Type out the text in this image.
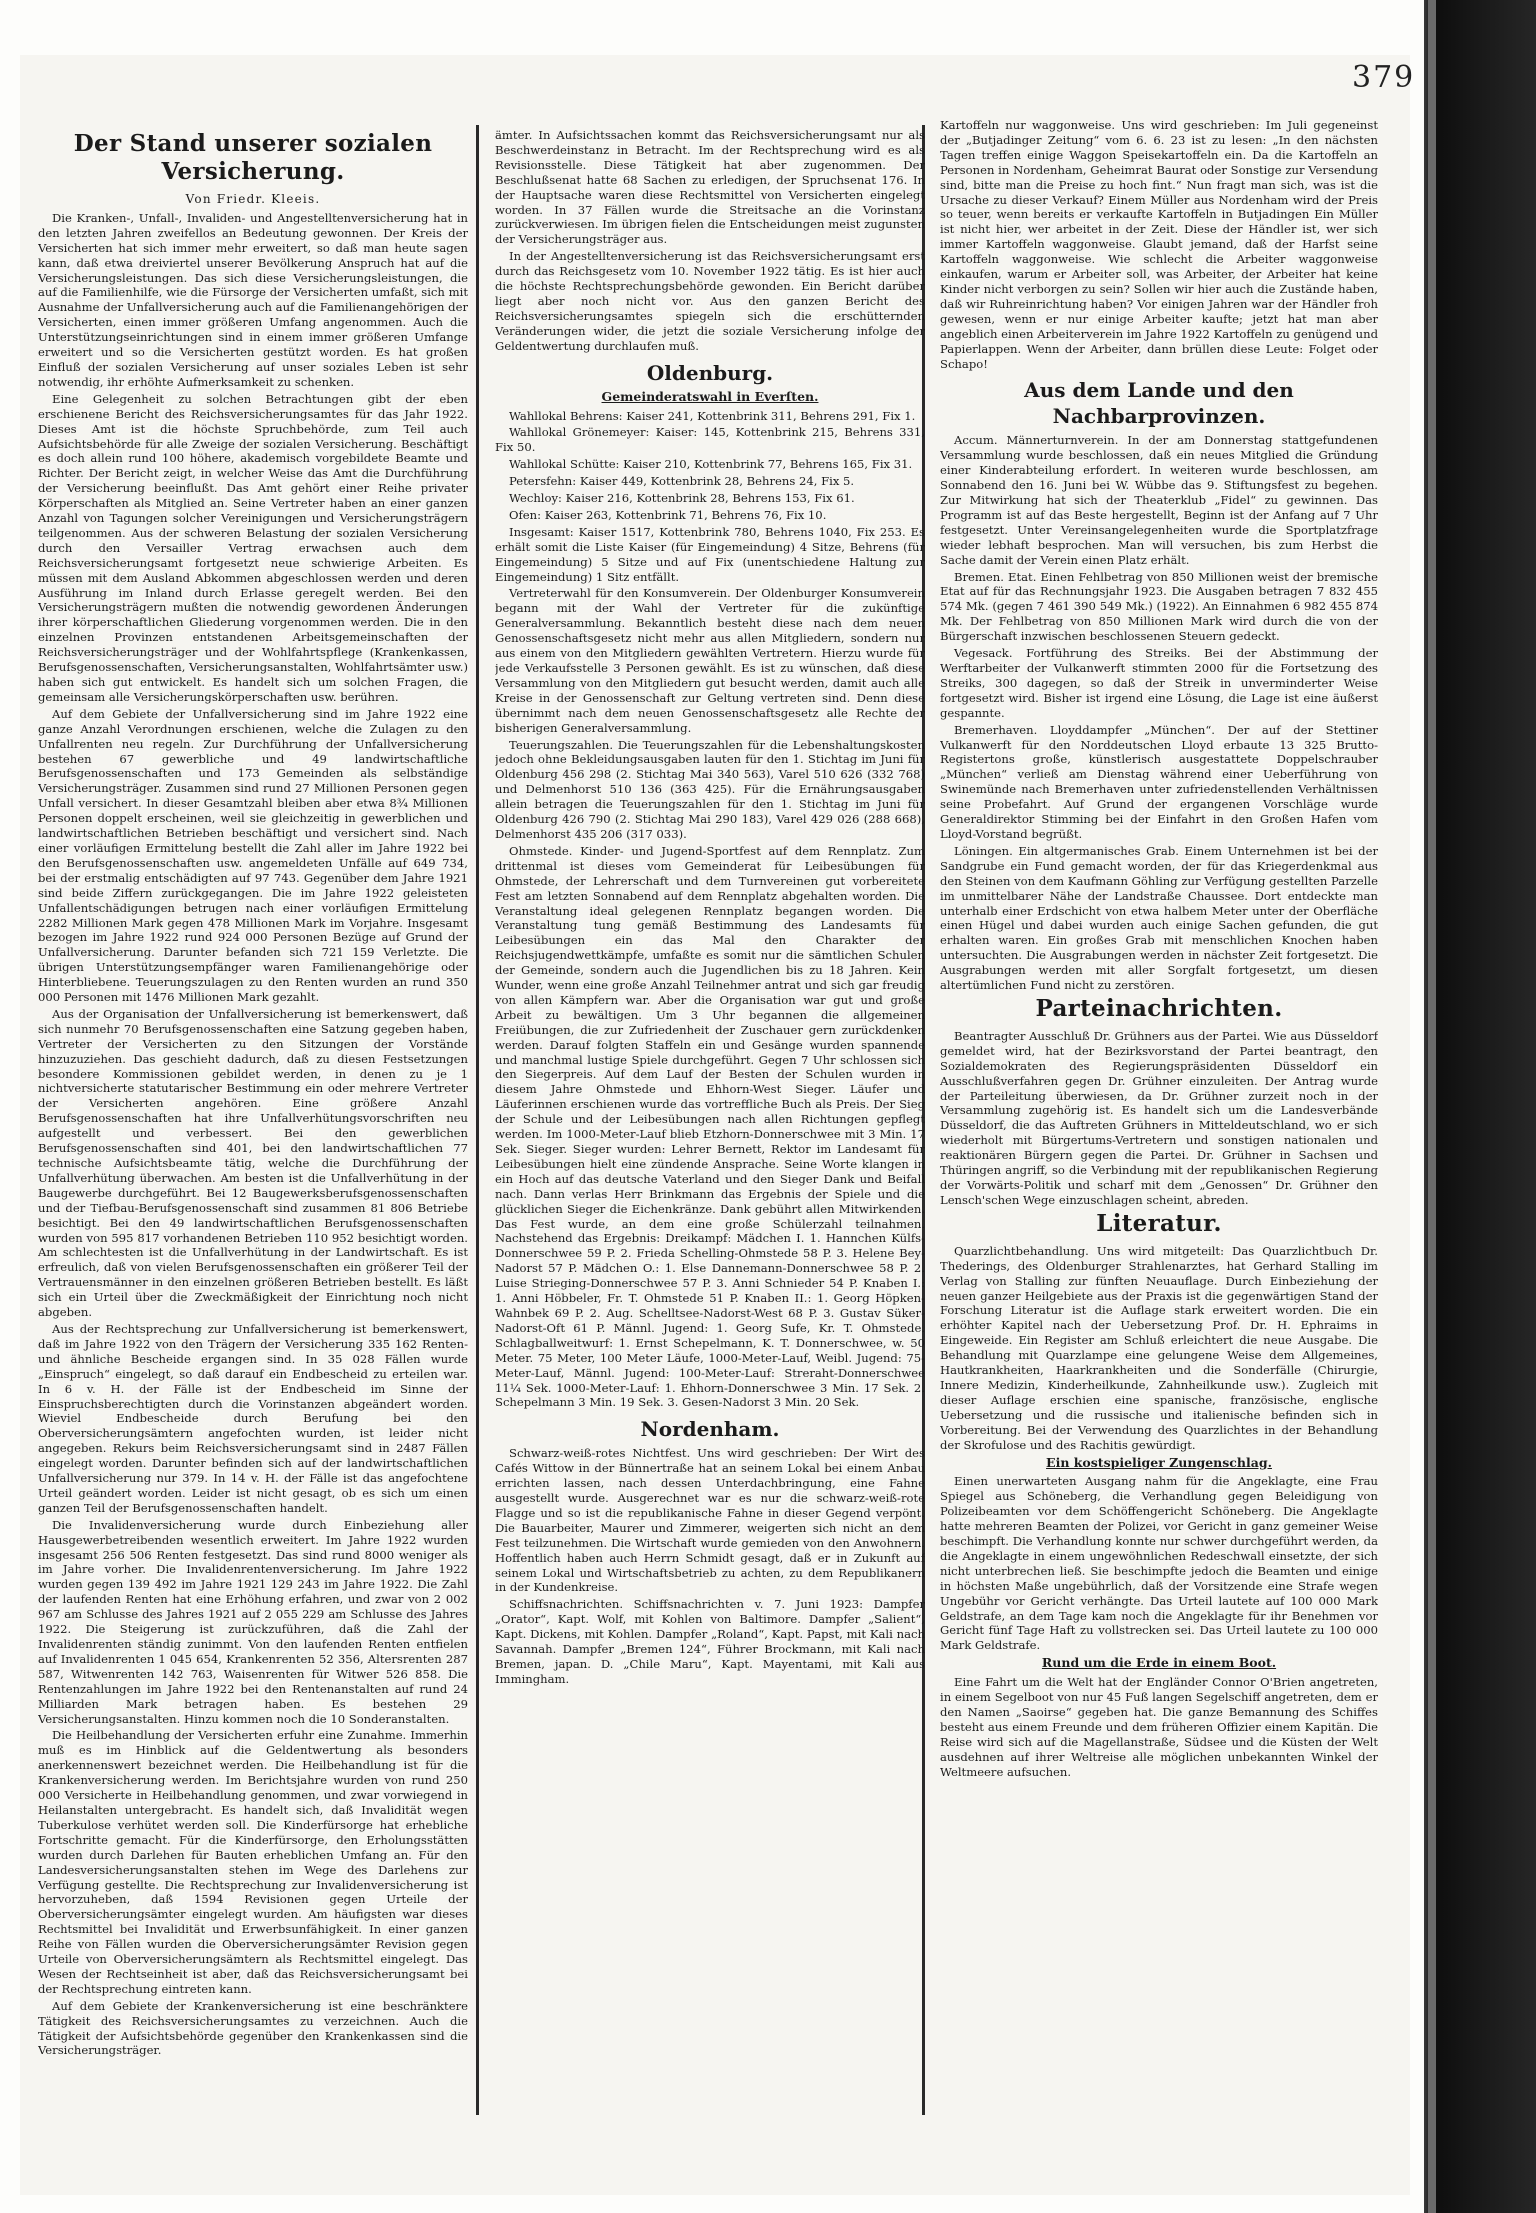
379
Der Stand unserer sozialen Versicherung.
Von Friedr. Kleeis.

Die Kranken-, Unfall-, Invaliden- und Angestelltenversicherung hat in den letzten Jahren zweifellos an Bedeutung gewonnen. Der Kreis der Versicherten hat sich immer mehr erweitert, so daß man heute sagen kann, daß etwa dreiviertel unserer Bevölkerung Anspruch hat auf die Versicherungsleistungen. Das sich diese Versicherungsleistungen, die auf die Familienhilfe, wie die Fürsorge der Versicherten umfaßt, sich mit Ausnahme der Unfallversicherung auch auf die Familienangehörigen der Versicherten, einen immer größeren Umfang angenommen. Auch die Unterstützungseinrichtungen sind in einem immer größeren Umfange erweitert und so die Versicherten gestützt worden. Es hat großen Einfluß der sozialen Versicherung auf unser soziales Leben ist sehr notwendig, ihr erhöhte Aufmerksamkeit zu schenken.

Eine Gelegenheit zu solchen Betrachtungen gibt der eben erschienene Bericht des Reichsversicherungsamtes für das Jahr 1922. Dieses Amt ist die höchste Spruchbehörde, zum Teil auch Aufsichtsbehörde für alle Zweige der sozialen Versicherung. Beschäftigt es doch allein rund 100 höhere, akademisch vorgebildete Beamte und Richter. Der Bericht zeigt, in welcher Weise das Amt die Durchführung der Versicherung beeinflußt. Das Amt gehört einer Reihe privater Körperschaften als Mitglied an. Seine Vertreter haben an einer ganzen Anzahl von Tagungen solcher Vereinigungen und Versicherungsträgern teilgenommen. Aus der schweren Belastung der sozialen Versicherung durch den Versailler Vertrag erwachsen auch dem Reichsversicherungsamt fortgesetzt neue schwierige Arbeiten. Es müssen mit dem Ausland Abkommen abgeschlossen werden und deren Ausführung im Inland durch Erlasse geregelt werden. Bei den Versicherungsträgern mußten die notwendig gewordenen Änderungen ihrer körperschaftlichen Gliederung vorgenommen werden. Die in den einzelnen Provinzen entstandenen Arbeitsgemeinschaften der Reichsversicherungsträger und der Wohlfahrtspflege (Krankenkassen, Berufsgenossenschaften, Versicherungsanstalten, Wohlfahrtsämter usw.) haben sich gut entwickelt. Es handelt sich um solchen Fragen, die gemeinsam alle Versicherungskörperschaften usw. berühren.

Auf dem Gebiete der Unfallversicherung sind im Jahre 1922 eine ganze Anzahl Verordnungen erschienen, welche die Zulagen zu den Unfallrenten neu regeln. Zur Durchführung der Unfallversicherung bestehen 67 gewerbliche und 49 landwirtschaftliche Berufsgenossenschaften und 173 Gemeinden als selbständige Versicherungsträger. Zusammen sind rund 27 Millionen Personen gegen Unfall versichert. In dieser Gesamtzahl bleiben aber etwa 8¾ Millionen Personen doppelt erscheinen, weil sie gleichzeitig in gewerblichen und landwirtschaftlichen Betrieben beschäftigt und versichert sind. Nach einer vorläufigen Ermittelung bestellt die Zahl aller im Jahre 1922 bei den Berufsgenossenschaften usw. angemeldeten Unfälle auf 649 734, bei der erstmalig entschädigten auf 97 743. Gegenüber dem Jahre 1921 sind beide Ziffern zurückgegangen. Die im Jahre 1922 geleisteten Unfallentschädigungen betrugen nach einer vorläufigen Ermittelung 2282 Millionen Mark gegen 478 Millionen Mark im Vorjahre. Insgesamt bezogen im Jahre 1922 rund 924 000 Personen Bezüge auf Grund der Unfallversicherung. Darunter befanden sich 721 159 Verletzte. Die übrigen Unterstützungsempfänger waren Familienangehörige oder Hinterbliebene. Teuerungszulagen zu den Renten wurden an rund 350 000 Personen mit 1476 Millionen Mark gezahlt.

Aus der Organisation der Unfallversicherung ist bemerkenswert, daß sich nunmehr 70 Berufsgenossenschaften eine Satzung gegeben haben, Vertreter der Versicherten zu den Sitzungen der Vorstände hinzuzuziehen. Das geschieht dadurch, daß zu diesen Festsetzungen besondere Kommissionen gebildet werden, in denen zu je 1 nichtversicherte statutarischer Bestimmung ein oder mehrere Vertreter der Versicherten angehören. Eine größere Anzahl Berufsgenossenschaften hat ihre Unfallverhütungsvorschriften neu aufgestellt und verbessert. Bei den gewerblichen Berufsgenossenschaften sind 401, bei den landwirtschaftlichen 77 technische Aufsichtsbeamte tätig, welche die Durchführung der Unfallverhütung überwachen. Am besten ist die Unfallverhütung in der Baugewerbe durchgeführt. Bei 12 Baugewerksberufsgenossenschaften und der Tiefbau-Berufsgenossenschaft sind zusammen 81 806 Betriebe besichtigt. Bei den 49 landwirtschaftlichen Berufsgenossenschaften wurden von 595 817 vorhandenen Betrieben 110 952 besichtigt worden. Am schlechtesten ist die Unfallverhütung in der Landwirtschaft. Es ist erfreulich, daß von vielen Berufsgenossenschaften ein größerer Teil der Vertrauensmänner in den einzelnen größeren Betrieben bestellt. Es läßt sich ein Urteil über die Zweckmäßigkeit der Einrichtung noch nicht abgeben.

Aus der Rechtsprechung zur Unfallversicherung ist bemerkenswert, daß im Jahre 1922 von den Trägern der Versicherung 335 162 Renten- und ähnliche Bescheide ergangen sind. In 35 028 Fällen wurde „Einspruch“ eingelegt, so daß darauf ein Endbescheid zu erteilen war. In 6 v. H. der Fälle ist der Endbescheid im Sinne der Einspruchsberechtigten durch die Vorinstanzen abgeändert worden. Wieviel Endbescheide durch Berufung bei den Oberversicherungsämtern angefochten wurden, ist leider nicht angegeben. Rekurs beim Reichsversicherungsamt sind in 2487 Fällen eingelegt worden. Darunter befinden sich auf der landwirtschaftlichen Unfallversicherung nur 379. In 14 v. H. der Fälle ist das angefochtene Urteil geändert worden. Leider ist nicht gesagt, ob es sich um einen ganzen Teil der Berufsgenossenschaften handelt.

Die Invalidenversicherung wurde durch Einbeziehung aller Hausgewerbetreibenden wesentlich erweitert. Im Jahre 1922 wurden insgesamt 256 506 Renten festgesetzt. Das sind rund 8000 weniger als im Jahre vorher. Die Invalidenrentenversicherung. Im Jahre 1922 wurden gegen 139 492 im Jahre 1921 129 243 im Jahre 1922. Die Zahl der laufenden Renten hat eine Erhöhung erfahren, und zwar von 2 002 967 am Schlusse des Jahres 1921 auf 2 055 229 am Schlusse des Jahres 1922. Die Steigerung ist zurückzuführen, daß die Zahl der Invalidenrenten ständig zunimmt. Von den laufenden Renten entfielen auf Invalidenrenten 1 045 654, Krankenrenten 52 356, Altersrenten 287 587, Witwenrenten 142 763, Waisenrenten für Witwer 526 858. Die Rentenzahlungen im Jahre 1922 bei den Rentenanstalten auf rund 24 Milliarden Mark betragen haben. Es bestehen 29 Versicherungsanstalten. Hinzu kommen noch die 10 Sonderanstalten.

Die Heilbehandlung der Versicherten erfuhr eine Zunahme. Immerhin muß es im Hinblick auf die Geldentwertung als besonders anerkennenswert bezeichnet werden. Die Heilbehandlung ist für die Krankenversicherung werden. Im Berichtsjahre wurden von rund 250 000 Versicherte in Heilbehandlung genommen, und zwar vorwiegend in Heilanstalten untergebracht. Es handelt sich, daß Invalidität wegen Tuberkulose verhütet werden soll. Die Kinderfürsorge hat erhebliche Fortschritte gemacht. Für die Kinderfürsorge, den Erholungsstätten wurden durch Darlehen für Bauten erheblichen Umfang an. Für den Landesversicherungsanstalten stehen im Wege des Darlehens zur Verfügung gestellte. Die Rechtsprechung zur Invalidenversicherung ist hervorzuheben, daß 1594 Revisionen gegen Urteile der Oberversicherungsämter eingelegt wurden. Am häufigsten war dieses Rechtsmittel bei Invalidität und Erwerbsunfähigkeit. In einer ganzen Reihe von Fällen wurden die Oberversicherungsämter Revision gegen Urteile von Oberversicherungsämtern als Rechtsmittel eingelegt. Das Wesen der Rechtseinheit ist aber, daß das Reichsversicherungsamt bei der Rechtsprechung eintreten kann.

Auf dem Gebiete der Krankenversicherung ist eine beschränktere Tätigkeit des Reichsversicherungsamtes zu verzeichnen. Auch die Tätigkeit der Aufsichtsbehörde gegenüber den Krankenkassen sind die Versicherungsträger.

ämter. In Aufsichtssachen kommt das Reichsversicherungsamt nur als Beschwerdeinstanz in Betracht. Im der Rechtsprechung wird es als Revisionsstelle. Diese Tätigkeit hat aber zugenommen. Der Beschlußsenat hatte 68 Sachen zu erledigen, der Spruchsenat 176. In der Hauptsache waren diese Rechtsmittel von Versicherten eingelegt worden. In 37 Fällen wurde die Streitsache an die Vorinstanz zurückverwiesen. Im übrigen fielen die Entscheidungen meist zugunsten der Versicherungsträger aus.

In der Angestelltenversicherung ist das Reichsversicherungsamt erst durch das Reichsgesetz vom 10. November 1922 tätig. Es ist hier auch die höchste Rechtsprechungsbehörde gewonden. Ein Bericht darüber liegt aber noch nicht vor. Aus den ganzen Bericht des Reichsversicherungsamtes spiegeln sich die erschütternden Veränderungen wider, die jetzt die soziale Versicherung infolge der Geldentwertung durchlaufen muß.

Oldenburg.
Gemeinderatswahl in Everſten.

Wahllokal Behrens: Kaiser 241, Kottenbrink 311, Behrens 291, Fix 1.

Wahllokal Grönemeyer: Kaiser: 145, Kottenbrink 215, Behrens 331, Fix 50.

Wahllokal Schütte: Kaiser 210, Kottenbrink 77, Behrens 165, Fix 31.

Petersfehn: Kaiser 449, Kottenbrink 28, Behrens 24, Fix 5.

Wechloy: Kaiser 216, Kottenbrink 28, Behrens 153, Fix 61.

Ofen: Kaiser 263, Kottenbrink 71, Behrens 76, Fix 10.

Insgesamt: Kaiser 1517, Kottenbrink 780, Behrens 1040, Fix 253. Es erhält somit die Liste Kaiser (für Eingemeindung) 4 Sitze, Behrens (für Eingemeindung) 5 Sitze und auf Fix (unentschiedene Haltung zur Eingemeindung) 1 Sitz entfällt.

Vertreterwahl für den Konsumverein. Der Oldenburger Konsumverein begann mit der Wahl der Vertreter für die zukünftige Generalversammlung. Bekanntlich besteht diese nach dem neuen Genossenschaftsgesetz nicht mehr aus allen Mitgliedern, sondern nur aus einem von den Mitgliedern gewählten Vertretern. Hierzu wurde für jede Verkaufsstelle 3 Personen gewählt. Es ist zu wünschen, daß diese Versammlung von den Mitgliedern gut besucht werden, damit auch alle Kreise in der Genossenschaft zur Geltung vertreten sind. Denn diese übernimmt nach dem neuen Genossenschaftsgesetz alle Rechte der bisherigen Generalversammlung.

Teuerungszahlen. Die Teuerungszahlen für die Lebenshaltungskosten jedoch ohne Bekleidungsausgaben lauten für den 1. Stichtag im Juni für Oldenburg 456 298 (2. Stichtag Mai 340 563), Varel 510 626 (332 768) und Delmenhorst 510 136 (363 425). Für die Ernährungsausgaben allein betragen die Teuerungszahlen für den 1. Stichtag im Juni für Oldenburg 426 790 (2. Stichtag Mai 290 183), Varel 429 026 (288 668), Delmenhorst 435 206 (317 033).

Ohmstede. Kinder- und Jugend-Sportfest auf dem Rennplatz. Zum drittenmal ist dieses vom Gemeinderat für Leibesübungen für Ohmstede, der Lehrerschaft und dem Turnvereinen gut vorbereitete Fest am letzten Sonnabend auf dem Rennplatz abgehalten worden. Die Veranstaltung ideal gelegenen Rennplatz begangen worden. Die Veranstaltung tung gemäß Bestimmung des Landesamts für Leibesübungen ein das Mal den Charakter der Reichsjugendwettkämpfe, umfaßte es somit nur die sämtlichen Schulen der Gemeinde, sondern auch die Jugendlichen bis zu 18 Jahren. Kein Wunder, wenn eine große Anzahl Teilnehmer antrat und sich gar freudig von allen Kämpfern war. Aber die Organisation war gut und große Arbeit zu bewältigen. Um 3 Uhr begannen die allgemeinen Freiübungen, die zur Zufriedenheit der Zuschauer gern zurückdenken werden. Darauf folgten Staffeln ein und Gesänge wurden spannende und manchmal lustige Spiele durchgeführt. Gegen 7 Uhr schlossen sich den Siegerpreis. Auf dem Lauf der Besten der Schulen wurden in diesem Jahre Ohmstede und Ehhorn-West Sieger. Läufer und Läuferinnen erschienen wurde das vortreffliche Buch als Preis. Der Sieg der Schule und der Leibesübungen nach allen Richtungen gepflegt werden. Im 1000-Meter-Lauf blieb Etzhorn-Donnerschwee mit 3 Min. 17 Sek. Sieger. Sieger wurden: Lehrer Bernett, Rektor im Landesamt für Leibesübungen hielt eine zündende Ansprache. Seine Worte klangen in ein Hoch auf das deutsche Vaterland und den Sieger Dank und Beifall nach. Dann verlas Herr Brinkmann das Ergebnis der Spiele und die glücklichen Sieger die Eichenkränze. Dank gebührt allen Mitwirkenden. Das Fest wurde, an dem eine große Schülerzahl teilnahmen. Nachstehend das Ergebnis: Dreikampf: Mädchen I. 1. Hannchen Külfs-Donnerschwee 59 P. 2. Frieda Schelling-Ohmstede 58 P. 3. Helene Bey-Nadorst 57 P. Mädchen O.: 1. Else Dannemann-Donnerschwee 58 P. 2. Luise Strieging-Donnerschwee 57 P. 3. Anni Schnieder 54 P. Knaben I.: 1. Anni Höbbeler, Fr. T. Ohmstede 51 P. Knaben II.: 1. Georg Höpken-Wahnbek 69 P. 2. Aug. Schelltsee-Nadorst-West 68 P. 3. Gustav Süker-Nadorst-Oft 61 P. Männl. Jugend: 1. Georg Sufe, Kr. T. Ohmstede. Schlagballweitwurf: 1. Ernst Schepelmann, K. T. Donnerschwee, w. 50 Meter. 75 Meter, 100 Meter Läufe, 1000-Meter-Lauf, Weibl. Jugend: 75-Meter-Lauf, Männl. Jugend: 100-Meter-Lauf: Streraht-Donnerschwee 11¼ Sek. 1000-Meter-Lauf: 1. Ehhorn-Donnerschwee 3 Min. 17 Sek. 2. Schepelmann 3 Min. 19 Sek. 3. Gesen-Nadorst 3 Min. 20 Sek.

Nordenham.

Schwarz-weiß-rotes Nichtfest. Uns wird geschrieben: Der Wirt des Cafés Wittow in der Bünnertraße hat an seinem Lokal bei einem Anbau errichten lassen, nach dessen Unterdachbringung, eine Fahne ausgestellt wurde. Ausgerechnet war es nur die schwarz-weiß-rote Flagge und so ist die republikanische Fahne in dieser Gegend verpönt. Die Bauarbeiter, Maurer und Zimmerer, weigerten sich nicht an dem Fest teilzunehmen. Die Wirtschaft wurde gemieden von den Anwohnern. Hoffentlich haben auch Herrn Schmidt gesagt, daß er in Zukunft auf seinem Lokal und Wirtschaftsbetrieb zu achten, zu dem Republikanern in der Kundenkreise.

Schiffsnachrichten. Schiffsnachrichten v. 7. Juni 1923: Dampfer „Orator“, Kapt. Wolf, mit Kohlen von Baltimore. Dampfer „Salient“, Kapt. Dickens, mit Kohlen. Dampfer „Roland“, Kapt. Papst, mit Kali nach Savannah. Dampfer „Bremen 124“, Führer Brockmann, mit Kali nach Bremen, japan. D. „Chile Maru“, Kapt. Mayentami, mit Kali aus Immingham.

Kartoffeln nur waggonweise. Uns wird geschrieben: Im Juli gegeneinst der „Butjadinger Zeitung“ vom 6. 6. 23 ist zu lesen: „In den nächsten Tagen treffen einige Waggon Speisekartoffeln ein. Da die Kartoffeln an Personen in Nordenham, Geheimrat Baurat oder Sonstige zur Versendung sind, bitte man die Preise zu hoch fint.“ Nun fragt man sich, was ist die Ursache zu dieser Verkauf? Einem Müller aus Nordenham wird der Preis so teuer, wenn bereits er verkaufte Kartoffeln in Butjadingen Ein Müller ist nicht hier, wer arbeitet in der Zeit. Diese der Händler ist, wer sich immer Kartoffeln waggonweise. Glaubt jemand, daß der Harfst seine Kartoffeln waggonweise. Wie schlecht die Arbeiter waggonweise einkaufen, warum er Arbeiter soll, was Arbeiter, der Arbeiter hat keine Kinder nicht verborgen zu sein? Sollen wir hier auch die Zustände haben, daß wir Ruhreinrichtung haben? Vor einigen Jahren war der Händler froh gewesen, wenn er nur einige Arbeiter kaufte; jetzt hat man aber angeblich einen Arbeiterverein im Jahre 1922 Kartoffeln zu genügend und Papierlappen. Wenn der Arbeiter, dann brüllen diese Leute: Folget oder Schapo!

Aus dem Lande und den Nachbarprovinzen.

Accum. Männerturnverein. In der am Donnerstag stattgefundenen Versammlung wurde beschlossen, daß ein neues Mitglied die Gründung einer Kinderabteilung erfordert. In weiteren wurde beschlossen, am Sonnabend den 16. Juni bei W. Wübbe das 9. Stiftungsfest zu begehen. Zur Mitwirkung hat sich der Theaterklub „Fidel“ zu gewinnen. Das Programm ist auf das Beste hergestellt, Beginn ist der Anfang auf 7 Uhr festgesetzt. Unter Vereinsangelegenheiten wurde die Sportplatzfrage wieder lebhaft besprochen. Man will versuchen, bis zum Herbst die Sache damit der Verein einen Platz erhält.

Bremen. Etat. Einen Fehlbetrag von 850 Millionen weist der bremische Etat auf für das Rechnungsjahr 1923. Die Ausgaben betragen 7 832 455 574 Mk. (gegen 7 461 390 549 Mk.) (1922). An Einnahmen 6 982 455 874 Mk. Der Fehlbetrag von 850 Millionen Mark wird durch die von der Bürgerschaft inzwischen beschlossenen Steuern gedeckt.

Vegesack. Fortführung des Streiks. Bei der Abstimmung der Werftarbeiter der Vulkanwerft stimmten 2000 für die Fortsetzung des Streiks, 300 dagegen, so daß der Streik in unverminderter Weise fortgesetzt wird. Bisher ist irgend eine Lösung, die Lage ist eine äußerst gespannte.

Bremerhaven. Lloyddampfer „München“. Der auf der Stettiner Vulkanwerft für den Norddeutschen Lloyd erbaute 13 325 Brutto-Registertons große, künstlerisch ausgestattete Doppelschrauber „München“ verließ am Dienstag während einer Ueberführung von Swinemünde nach Bremerhaven unter zufriedenstellenden Verhältnissen seine Probefahrt. Auf Grund der ergangenen Vorschläge wurde Generaldirektor Stimming bei der Einfahrt in den Großen Hafen vom Lloyd-Vorstand begrüßt.

Löningen. Ein altgermanisches Grab. Einem Unternehmen ist bei der Sandgrube ein Fund gemacht worden, der für das Kriegerdenkmal aus den Steinen von dem Kaufmann Göhling zur Verfügung gestellten Parzelle im unmittelbarer Nähe der Landstraße Chaussee. Dort entdeckte man unterhalb einer Erdschicht von etwa halbem Meter unter der Oberfläche einen Hügel und dabei wurden auch einige Sachen gefunden, die gut erhalten waren. Ein großes Grab mit menschlichen Knochen haben untersuchten. Die Ausgrabungen werden in nächster Zeit fortgesetzt. Die Ausgrabungen werden mit aller Sorgfalt fortgesetzt, um diesen altertümlichen Fund nicht zu zerstören.

Parteinachrichten.

Beantragter Ausschluß Dr. Grühners aus der Partei. Wie aus Düsseldorf gemeldet wird, hat der Bezirksvorstand der Partei beantragt, den Sozialdemokraten des Regierungspräsidenten Düsseldorf ein Ausschlußverfahren gegen Dr. Grühner einzuleiten. Der Antrag wurde der Parteileitung überwiesen, da Dr. Grühner zurzeit noch in der Versammlung zugehörig ist. Es handelt sich um die Landesverbände Düsseldorf, die das Auftreten Grühners in Mitteldeutschland, wo er sich wiederholt mit Bürgertums-Vertretern und sonstigen nationalen und reaktionären Bürgern gegen die Partei. Dr. Grühner in Sachsen und Thüringen angriff, so die Verbindung mit der republikanischen Regierung der Vorwärts-Politik und scharf mit dem „Genossen“ Dr. Grühner den Lensch'schen Wege einzuschlagen scheint, abreden.

Literatur.

Quarzlichtbehandlung. Uns wird mitgeteilt: Das Quarzlichtbuch Dr. Thederings, des Oldenburger Strahlenarztes, hat Gerhard Stalling im Verlag von Stalling zur fünften Neuauflage. Durch Einbeziehung der neuen ganzer Heilgebiete aus der Praxis ist die gegenwärtigen Stand der Forschung Literatur ist die Auflage stark erweitert worden. Die ein erhöhter Kapitel nach der Uebersetzung Prof. Dr. H. Ephraims in Eingeweide. Ein Register am Schluß erleichtert die neue Ausgabe. Die Behandlung mit Quarzlampe eine gelungene Weise dem Allgemeines, Hautkrankheiten, Haarkrankheiten und die Sonderfälle (Chirurgie, Innere Medizin, Kinderheilkunde, Zahnheilkunde usw.). Zugleich mit dieser Auflage erschien eine spanische, französische, englische Uebersetzung und die russische und italienische befinden sich in Vorbereitung. Bei der Verwendung des Quarzlichtes in der Behandlung der Skrofulose und des Rachitis gewürdigt.

Ein kostspieliger Zungenschlag.

Einen unerwarteten Ausgang nahm für die Angeklagte, eine Frau Spiegel aus Schöneberg, die Verhandlung gegen Beleidigung von Polizeibeamten vor dem Schöffengericht Schöneberg. Die Angeklagte hatte mehreren Beamten der Polizei, vor Gericht in ganz gemeiner Weise beschimpft. Die Verhandlung konnte nur schwer durchgeführt werden, da die Angeklagte in einem ungewöhnlichen Redeschwall einsetzte, der sich nicht unterbrechen ließ. Sie beschimpfte jedoch die Beamten und einige in höchsten Maße ungebührlich, daß der Vorsitzende eine Strafe wegen Ungebühr vor Gericht verhängte. Das Urteil lautete auf 100 000 Mark Geldstrafe, an dem Tage kam noch die Angeklagte für ihr Benehmen vor Gericht fünf Tage Haft zu vollstrecken sei. Das Urteil lautete zu 100 000 Mark Geldstrafe.

Rund um die Erde in einem Boot.

Eine Fahrt um die Welt hat der Engländer Connor O'Brien angetreten, in einem Segelboot von nur 45 Fuß langen Segelschiff angetreten, dem er den Namen „Saoirse“ gegeben hat. Die ganze Bemannung des Schiffes besteht aus einem Freunde und dem früheren Offizier einem Kapitän. Die Reise wird sich auf die Magellanstraße, Südsee und die Küsten der Welt ausdehnen auf ihrer Weltreise alle möglichen unbekannten Winkel der Weltmeere aufsuchen.
